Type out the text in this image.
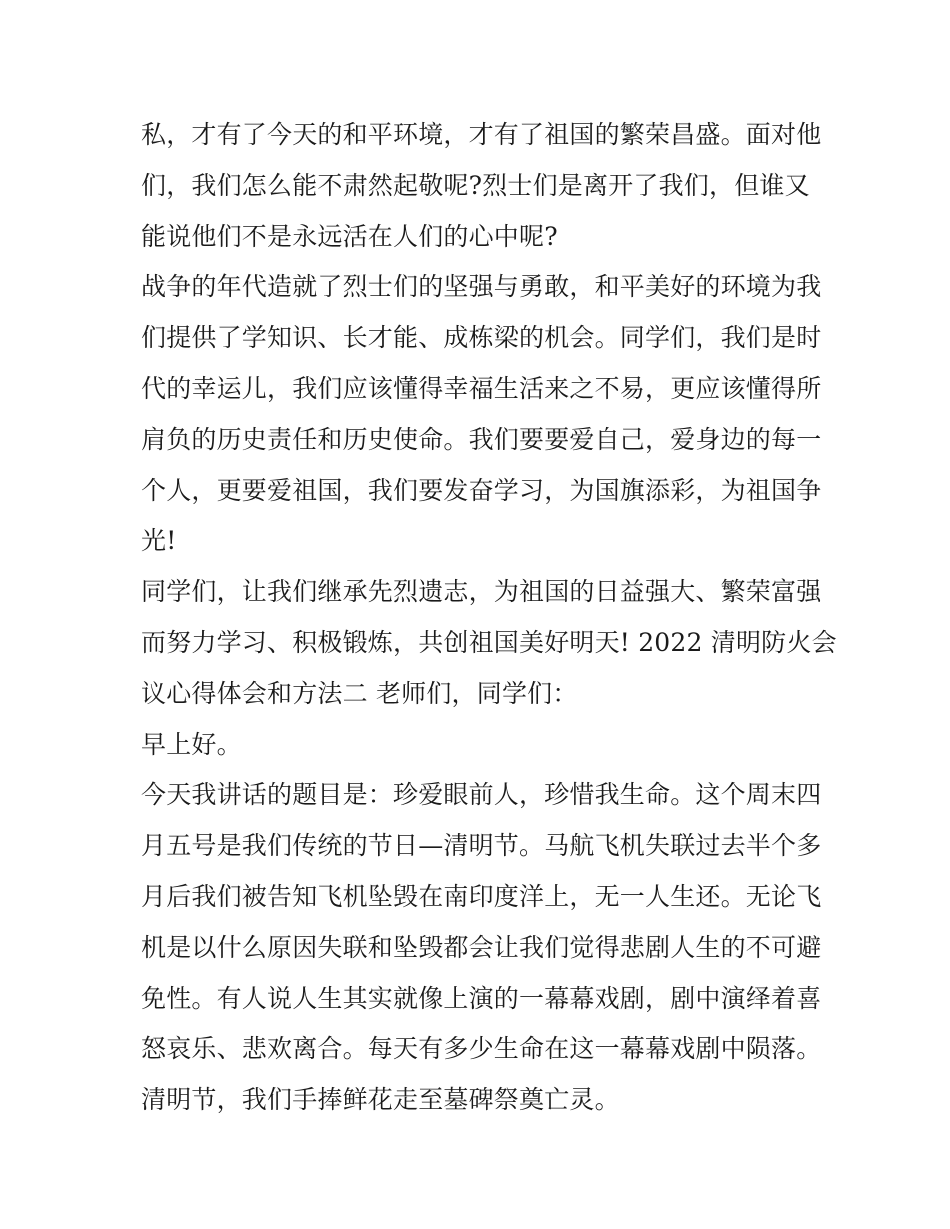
私，才有了今天的和平环境，才有了祖国的繁荣昌盛。面对他
们，我们怎么能不肃然起敬呢?烈士们是离开了我们，但谁又
能说他们不是永远活在人们的心中呢?
战争的年代造就了烈士们的坚强与勇敢，和平美好的环境为我
们提供了学知识、长才能、成栋梁的机会。同学们，我们是时
代的幸运儿，我们应该懂得幸福生活来之不易，更应该懂得所
肩负的历史责任和历史使命。我们要要爱自己，爱身边的每一
个人，更要爱祖国，我们要发奋学习，为国旗添彩，为祖国争
光!
同学们，让我们继承先烈遗志，为祖国的日益强大、繁荣富强
而努力学习、积极锻炼，共创祖国美好明天! 2022 清明防火会
议心得体会和方法二 老师们，同学们：
早上好。
今天我讲话的题目是：珍爱眼前人，珍惜我生命。这个周末四
月五号是我们传统的节日—清明节。马航飞机失联过去半个多
月后我们被告知飞机坠毁在南印度洋上，无一人生还。无论飞
机是以什么原因失联和坠毁都会让我们觉得悲剧人生的不可避
免性。有人说人生其实就像上演的一幕幕戏剧，剧中演绎着喜
怒哀乐、悲欢离合。每天有多少生命在这一幕幕戏剧中陨落。
清明节，我们手捧鲜花走至墓碑祭奠亡灵。
